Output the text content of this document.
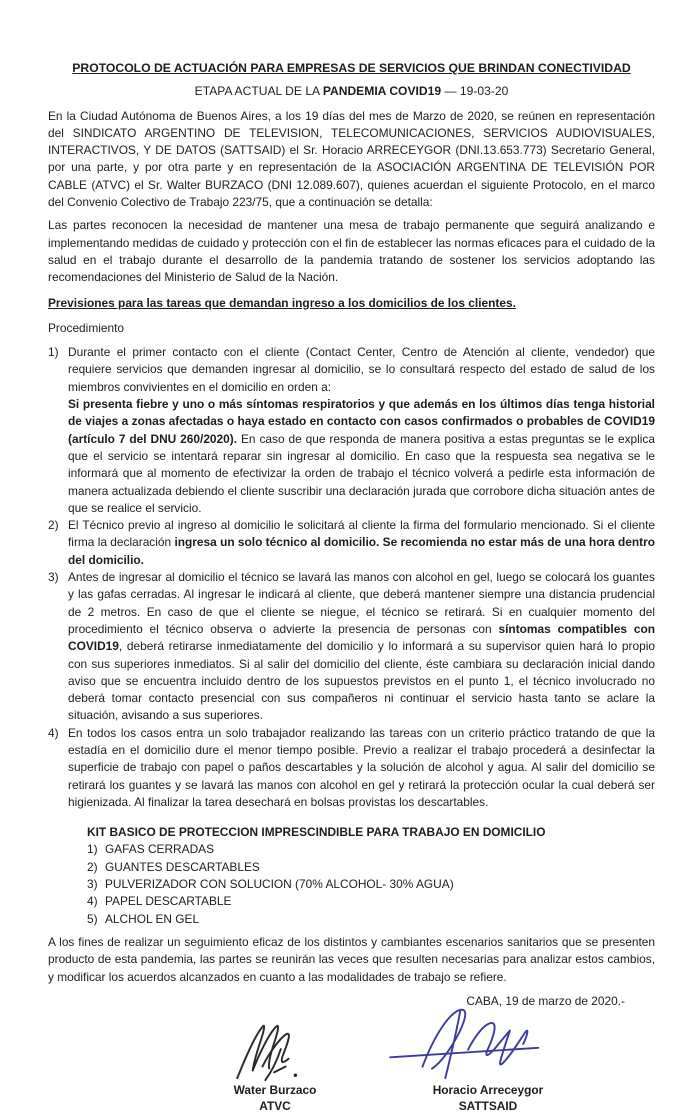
PROTOCOLO DE ACTUACIÓN PARA EMPRESAS DE SERVICIOS QUE BRINDAN CONECTIVIDAD
ETAPA ACTUAL DE LA PANDEMIA COVID19 — 19-03-20

En la Ciudad Autónoma de Buenos Aires, a los 19 días del mes de Marzo de 2020, se reúnen en representación del SINDICATO ARGENTINO DE TELEVISION, TELECOMUNICACIONES, SERVICIOS AUDIOVISUALES, INTERACTIVOS, Y DE DATOS (SATTSAID) el Sr. Horacio ARRECEYGOR (DNI.13.653.773) Secretario General, por una parte, y por otra parte y en representación de la ASOCIACIÓN ARGENTINA DE TELEVISIÓN POR CABLE (ATVC) el Sr. Walter BURZACO (DNI 12.089.607), quienes acuerdan el siguiente Protocolo, en el marco del Convenio Colectivo de Trabajo 223/75, que a continuación se detalla:

Las partes reconocen la necesidad de mantener una mesa de trabajo permanente que seguirá analizando e implementando medidas de cuidado y protección con el fin de establecer las normas eficaces para el cuidado de la salud en el trabajo durante el desarrollo de la pandemia tratando de sostener los servicios adoptando las recomendaciones del Ministerio de Salud de la Nación.

Previsiones para las tareas que demandan ingreso a los domicilios de los clientes.
Procedimiento
1) Durante el primer contacto con el cliente (Contact Center, Centro de Atención al cliente, vendedor) que requiere servicios que demanden ingresar al domicilio, se lo consultará respecto del estado de salud de los miembros convivientes en el domicilio en orden a:
Si presenta fiebre y uno o más síntomas respiratorios y que además en los últimos días tenga historial de viajes a zonas afectadas o haya estado en contacto con casos confirmados o probables de COVID19 (artículo 7 del DNU 260/2020). En caso de que responda de manera positiva a estas preguntas se le explica que el servicio se intentará reparar sin ingresar al domicilio. En caso que la respuesta sea negativa se le informará que al momento de efectivizar la orden de trabajo el técnico volverá a pedirle esta información de manera actualizada debiendo el cliente suscribir una declaración jurada que corrobore dicha situación antes de que se realice el servicio.
2) El Técnico previo al ingreso al domicilio le solicitará al cliente la firma del formulario mencionado. Si el cliente firma la declaración ingresa un solo técnico al domicilio. Se recomienda no estar más de una hora dentro del domicilio.
3) Antes de ingresar al domicilio el técnico se lavará las manos con alcohol en gel, luego se colocará los guantes y las gafas cerradas. Al ingresar le indicará al cliente, que deberá mantener siempre una distancia prudencial de 2 metros. En caso de que el cliente se niegue, el técnico se retirará. Si en cualquier momento del procedimiento el técnico observa o advierte la presencia de personas con síntomas compatibles con COVID19, deberá retirarse inmediatamente del domicilio y lo informará a su supervisor quien hará lo propio con sus superiores inmediatos. Si al salir del domicilio del cliente, éste cambiara su declaración inicial dando aviso que se encuentra incluido dentro de los supuestos previstos en el punto 1, el técnico involucrado no deberá tomar contacto presencial con sus compañeros ni continuar el servicio hasta tanto se aclare la situación, avisando a sus superiores.
4) En todos los casos entra un solo trabajador realizando las tareas con un criterio práctico tratando de que la estadía en el domicilio dure el menor tiempo posible. Previo a realizar el trabajo procederá a desinfectar la superficie de trabajo con papel o paños descartables y la solución de alcohol y agua. Al salir del domicilio se retirará los guantes y se lavará las manos con alcohol en gel y retirará la protección ocular la cual deberá ser higienizada. Al finalizar la tarea desechará en bolsas provistas los descartables.
KIT BASICO DE PROTECCION IMPRESCINDIBLE PARA TRABAJO EN DOMICILIO
1) GAFAS CERRADAS
2) GUANTES DESCARTABLES
3) PULVERIZADOR CON SOLUCION (70% ALCOHOL- 30% AGUA)
4) PAPEL DESCARTABLE
5) ALCHOL EN GEL

A los fines de realizar un seguimiento eficaz de los distintos y cambiantes escenarios sanitarios que se presenten producto de esta pandemia, las partes se reunirán las veces que resulten necesarias para analizar estos cambios, y modificar los acuerdos alcanzados en cuanto a las modalidades de trabajo se refiere.

CABA, 19 de marzo de 2020.-
Water Burzaco
ATVC
Horacio Arreceygor
SATTSAID
